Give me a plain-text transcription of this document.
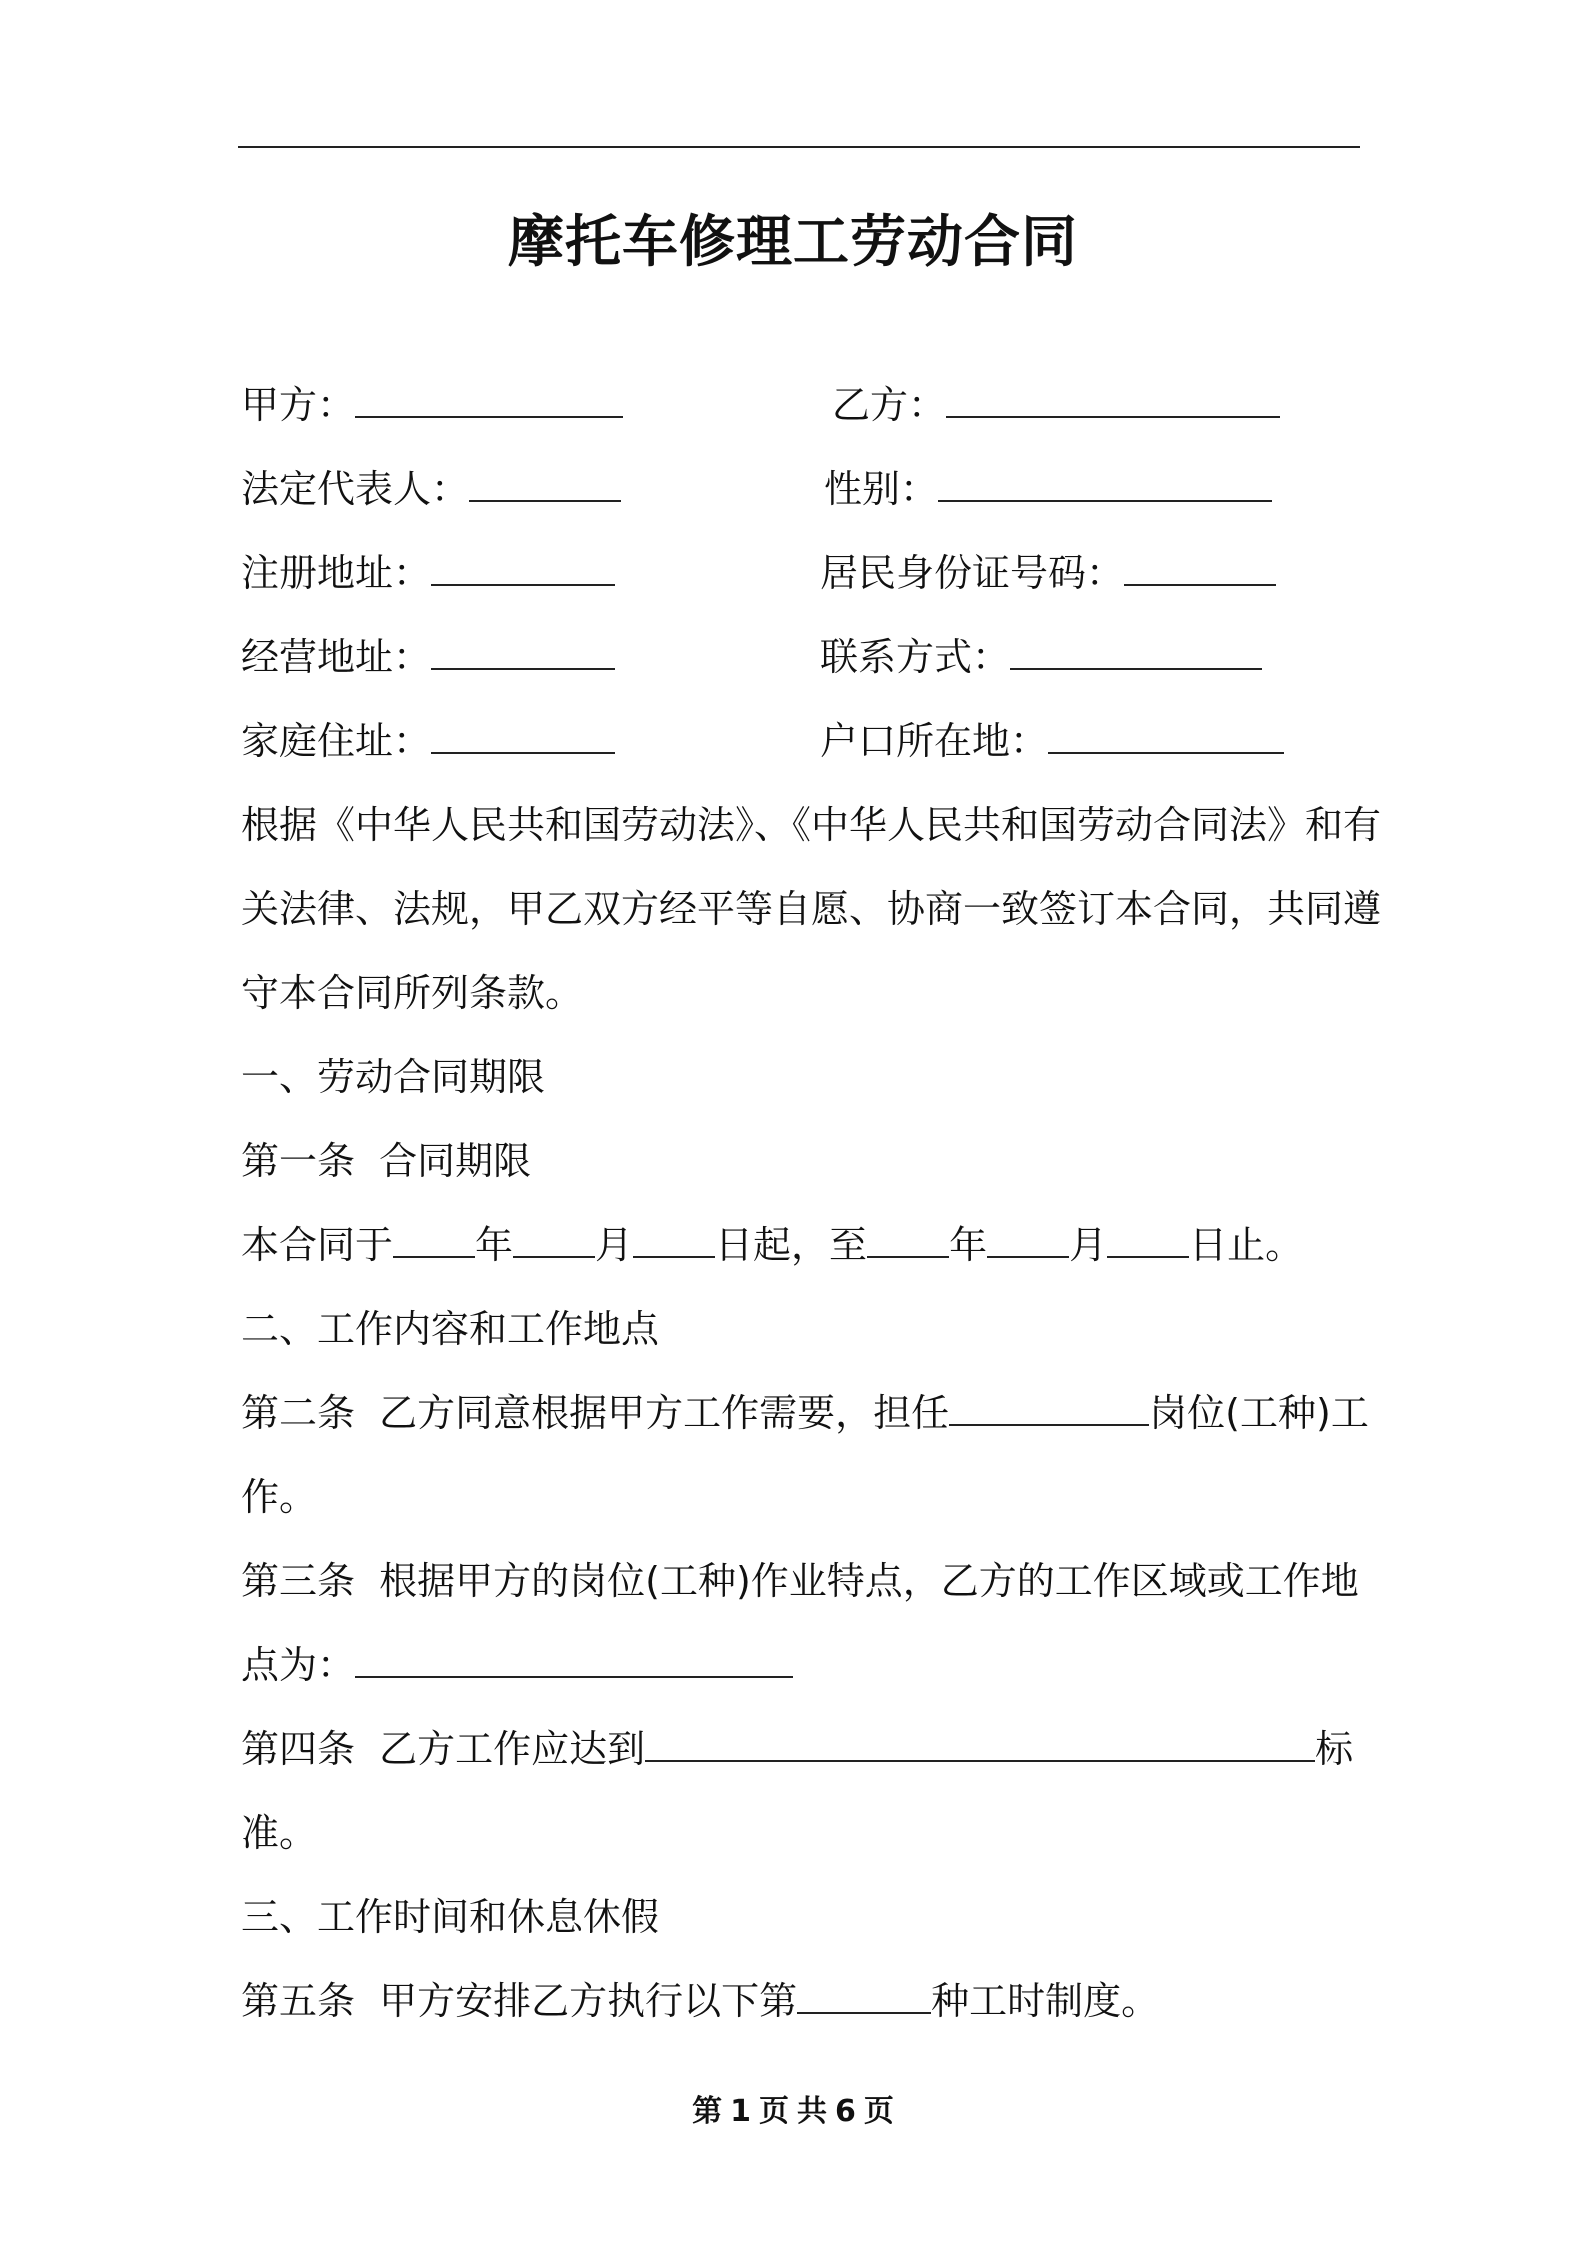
摩托车修理工劳动合同
甲方：	乙方：
法定代表人：	性别：
注册地址：	居民身份证号码：
经营地址：	联系方式：
家庭住址：	户口所在地：
根据《中华人民共和国劳动法》、《中华人民共和国劳动合同法》和有
关法律、法规，甲乙双方经平等自愿、协商一致签订本合同，共同遵
守本合同所列条款。
一、劳动合同期限
第一条  合同期限
本合同于 年 月 日起，至 年 月 日止。
二、工作内容和工作地点
第二条  乙方同意根据甲方工作需要，担任	岗位(工种)工
作。
第三条  根据甲方的岗位(工种)作业特点，乙方的工作区域或工作地
点为：
第四条  乙方工作应达到	标
准。
三、工作时间和休息休假
第五条  甲方安排乙方执行以下第	种工时制度。
第 1 页 共 6 页
